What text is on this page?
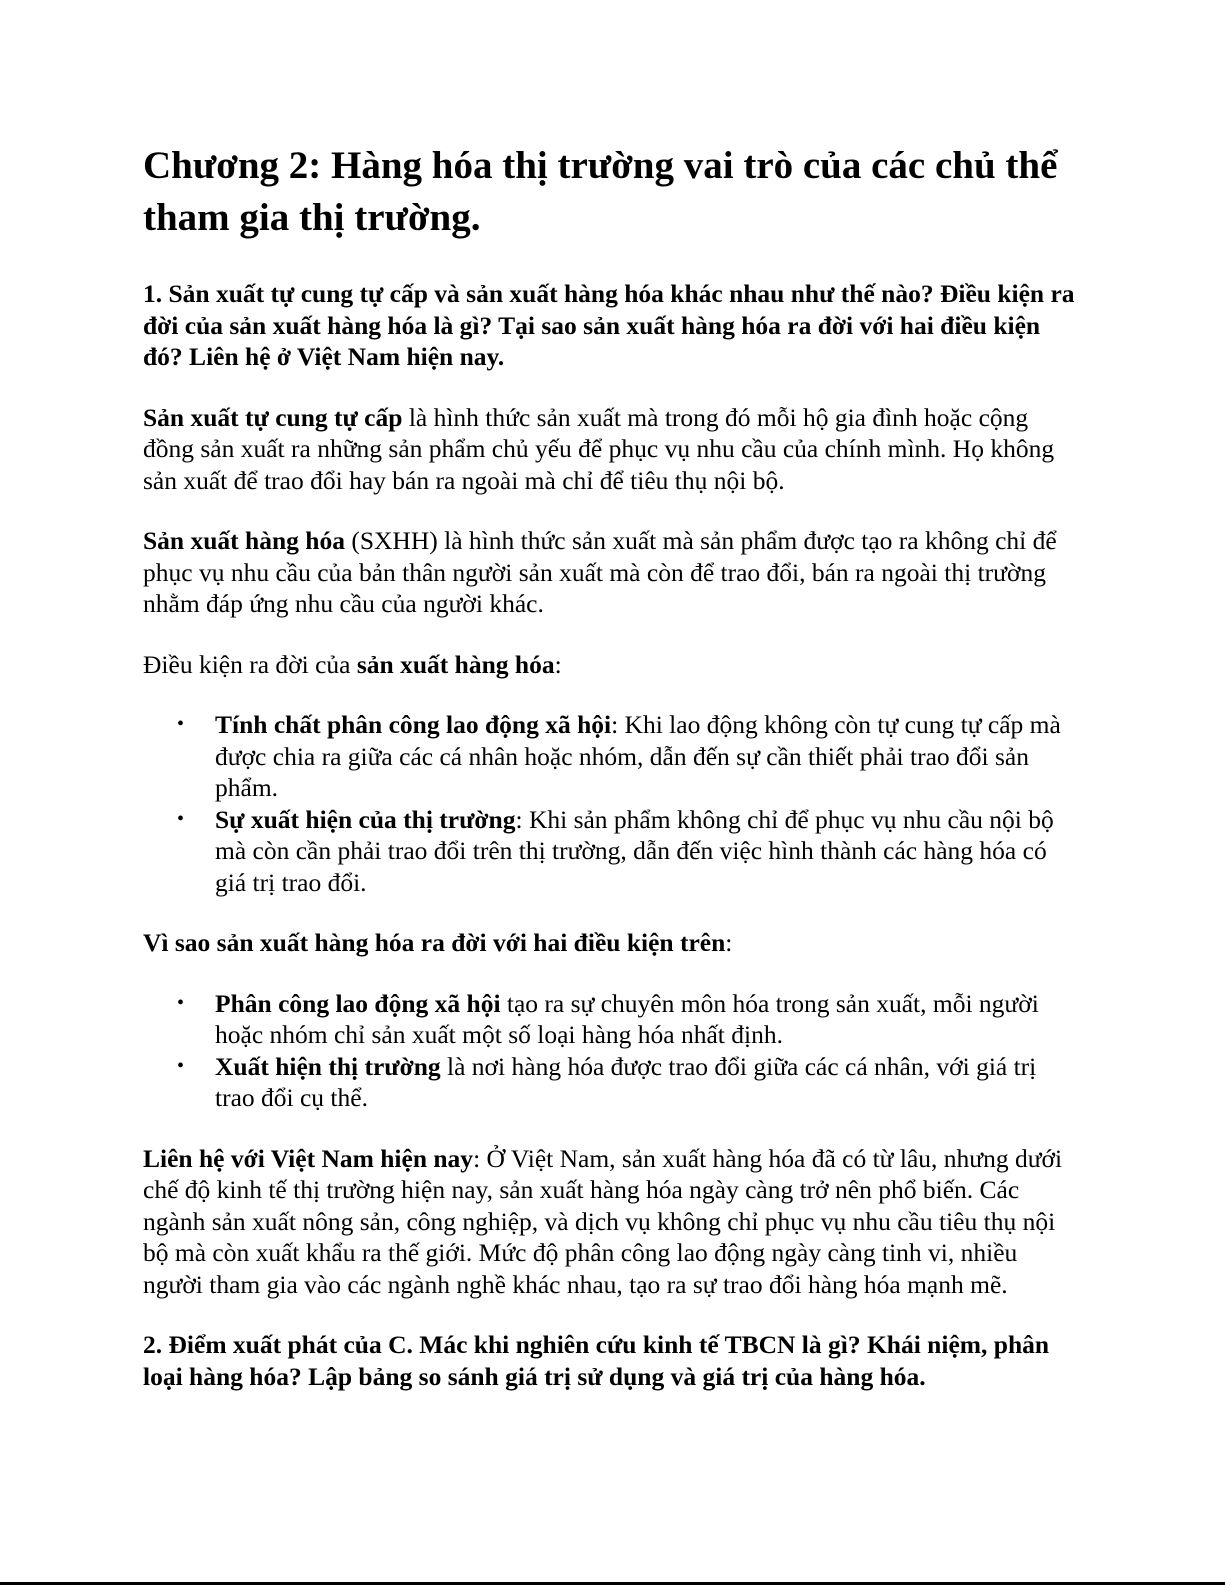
Chương 2: Hàng hóa thị trường vai trò của các chủ thể tham gia thị trường.
1. Sản xuất tự cung tự cấp và sản xuất hàng hóa khác nhau như thế nào? Điều kiện ra đời của sản xuất hàng hóa là gì? Tại sao sản xuất hàng hóa ra đời với hai điều kiện đó? Liên hệ ở Việt Nam hiện nay.

Sản xuất tự cung tự cấp là hình thức sản xuất mà trong đó mỗi hộ gia đình hoặc cộng đồng sản xuất ra những sản phẩm chủ yếu để phục vụ nhu cầu của chính mình. Họ không sản xuất để trao đổi hay bán ra ngoài mà chỉ để tiêu thụ nội bộ.

Sản xuất hàng hóa (SXHH) là hình thức sản xuất mà sản phẩm được tạo ra không chỉ để phục vụ nhu cầu của bản thân người sản xuất mà còn để trao đổi, bán ra ngoài thị trường nhằm đáp ứng nhu cầu của người khác.

Điều kiện ra đời của sản xuất hàng hóa:

• Tính chất phân công lao động xã hội: Khi lao động không còn tự cung tự cấp mà được chia ra giữa các cá nhân hoặc nhóm, dẫn đến sự cần thiết phải trao đổi sản phẩm.
• Sự xuất hiện của thị trường: Khi sản phẩm không chỉ để phục vụ nhu cầu nội bộ mà còn cần phải trao đổi trên thị trường, dẫn đến việc hình thành các hàng hóa có giá trị trao đổi.

Vì sao sản xuất hàng hóa ra đời với hai điều kiện trên:

• Phân công lao động xã hội tạo ra sự chuyên môn hóa trong sản xuất, mỗi người hoặc nhóm chỉ sản xuất một số loại hàng hóa nhất định.
• Xuất hiện thị trường là nơi hàng hóa được trao đổi giữa các cá nhân, với giá trị trao đổi cụ thể.

Liên hệ với Việt Nam hiện nay: Ở Việt Nam, sản xuất hàng hóa đã có từ lâu, nhưng dưới chế độ kinh tế thị trường hiện nay, sản xuất hàng hóa ngày càng trở nên phổ biến. Các ngành sản xuất nông sản, công nghiệp, và dịch vụ không chỉ phục vụ nhu cầu tiêu thụ nội bộ mà còn xuất khẩu ra thế giới. Mức độ phân công lao động ngày càng tinh vi, nhiều người tham gia vào các ngành nghề khác nhau, tạo ra sự trao đổi hàng hóa mạnh mẽ.

2. Điểm xuất phát của C. Mác khi nghiên cứu kinh tế TBCN là gì? Khái niệm, phân loại hàng hóa? Lập bảng so sánh giá trị sử dụng và giá trị của hàng hóa.
